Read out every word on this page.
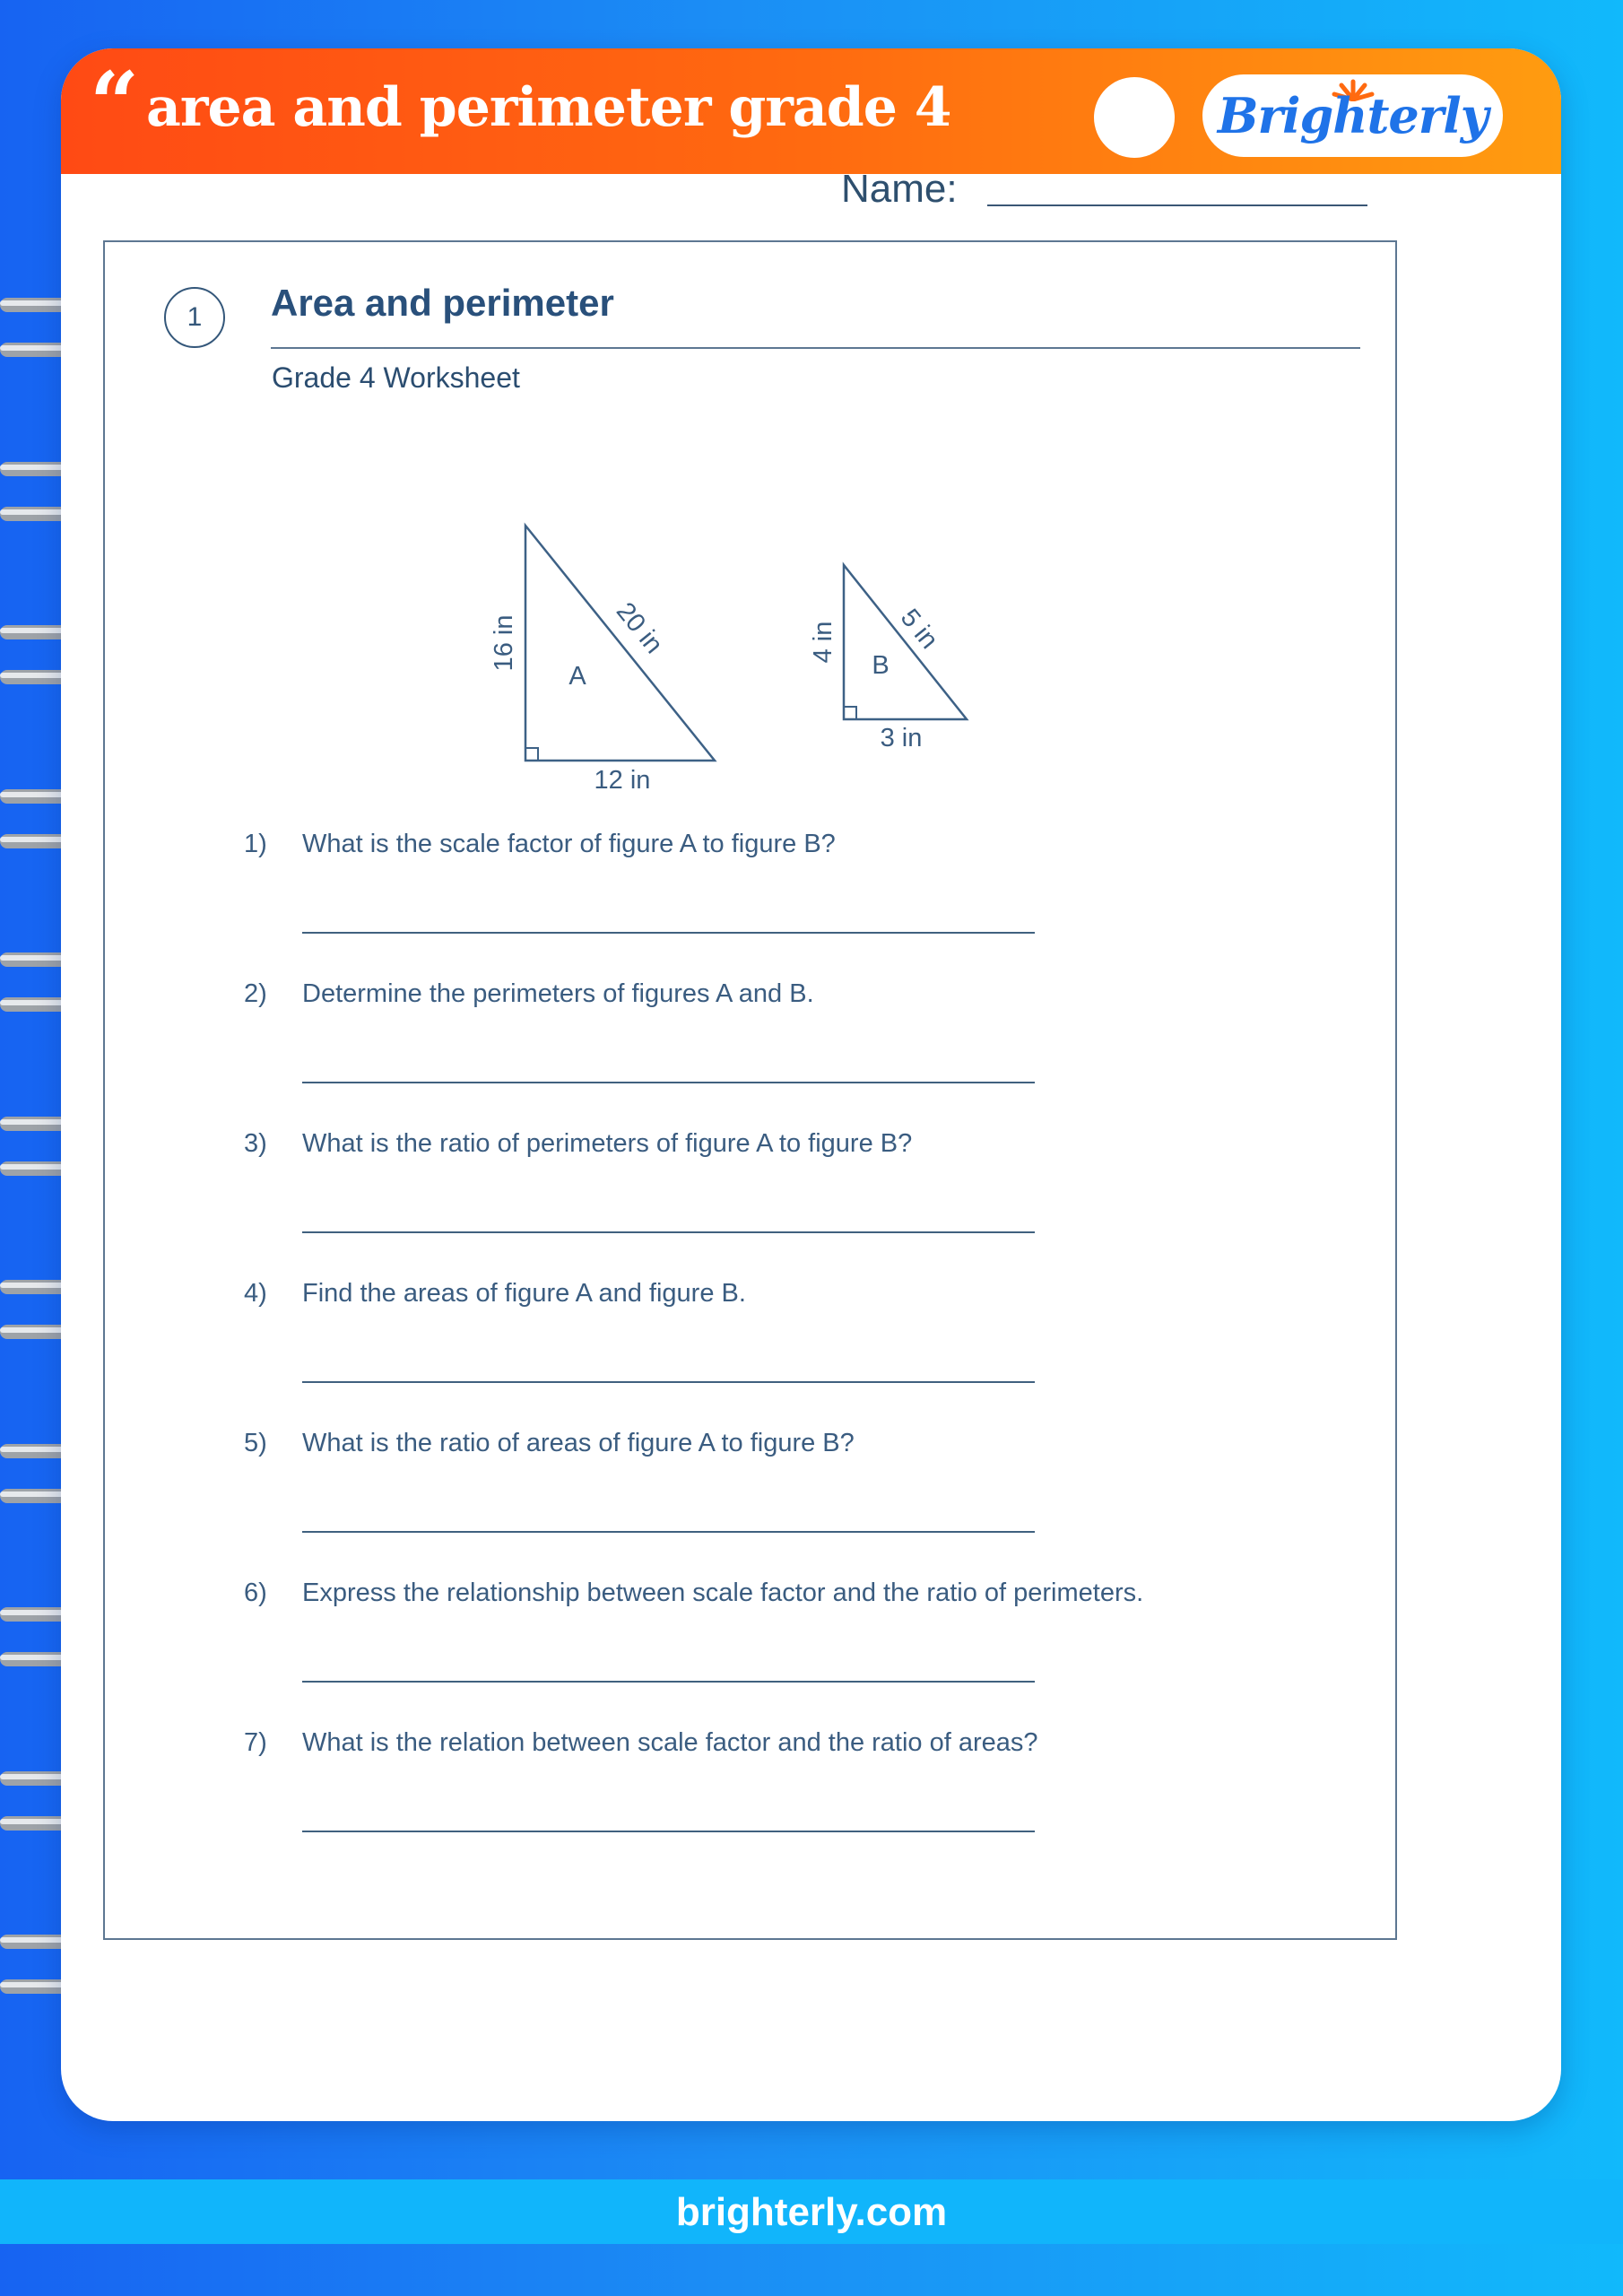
“ area and perimeter grade 4	Brighterly
Name:
1	Area and perimeter
Grade 4 Worksheet
16 in	20 in
12 in
A
4 in 5 in
3 in
B
1) What is the scale factor of figure A to figure B?
2) Determine the perimeters of figures A and B.
3) What is the ratio of perimeters of figure A to figure B?
4) Find the areas of figure A and figure B.
5) What is the ratio of areas of figure A to figure B?
6) Express the relationship between scale factor and the ratio of perimeters.
7) What is the relation between scale factor and the ratio of areas?
brighterly.com
